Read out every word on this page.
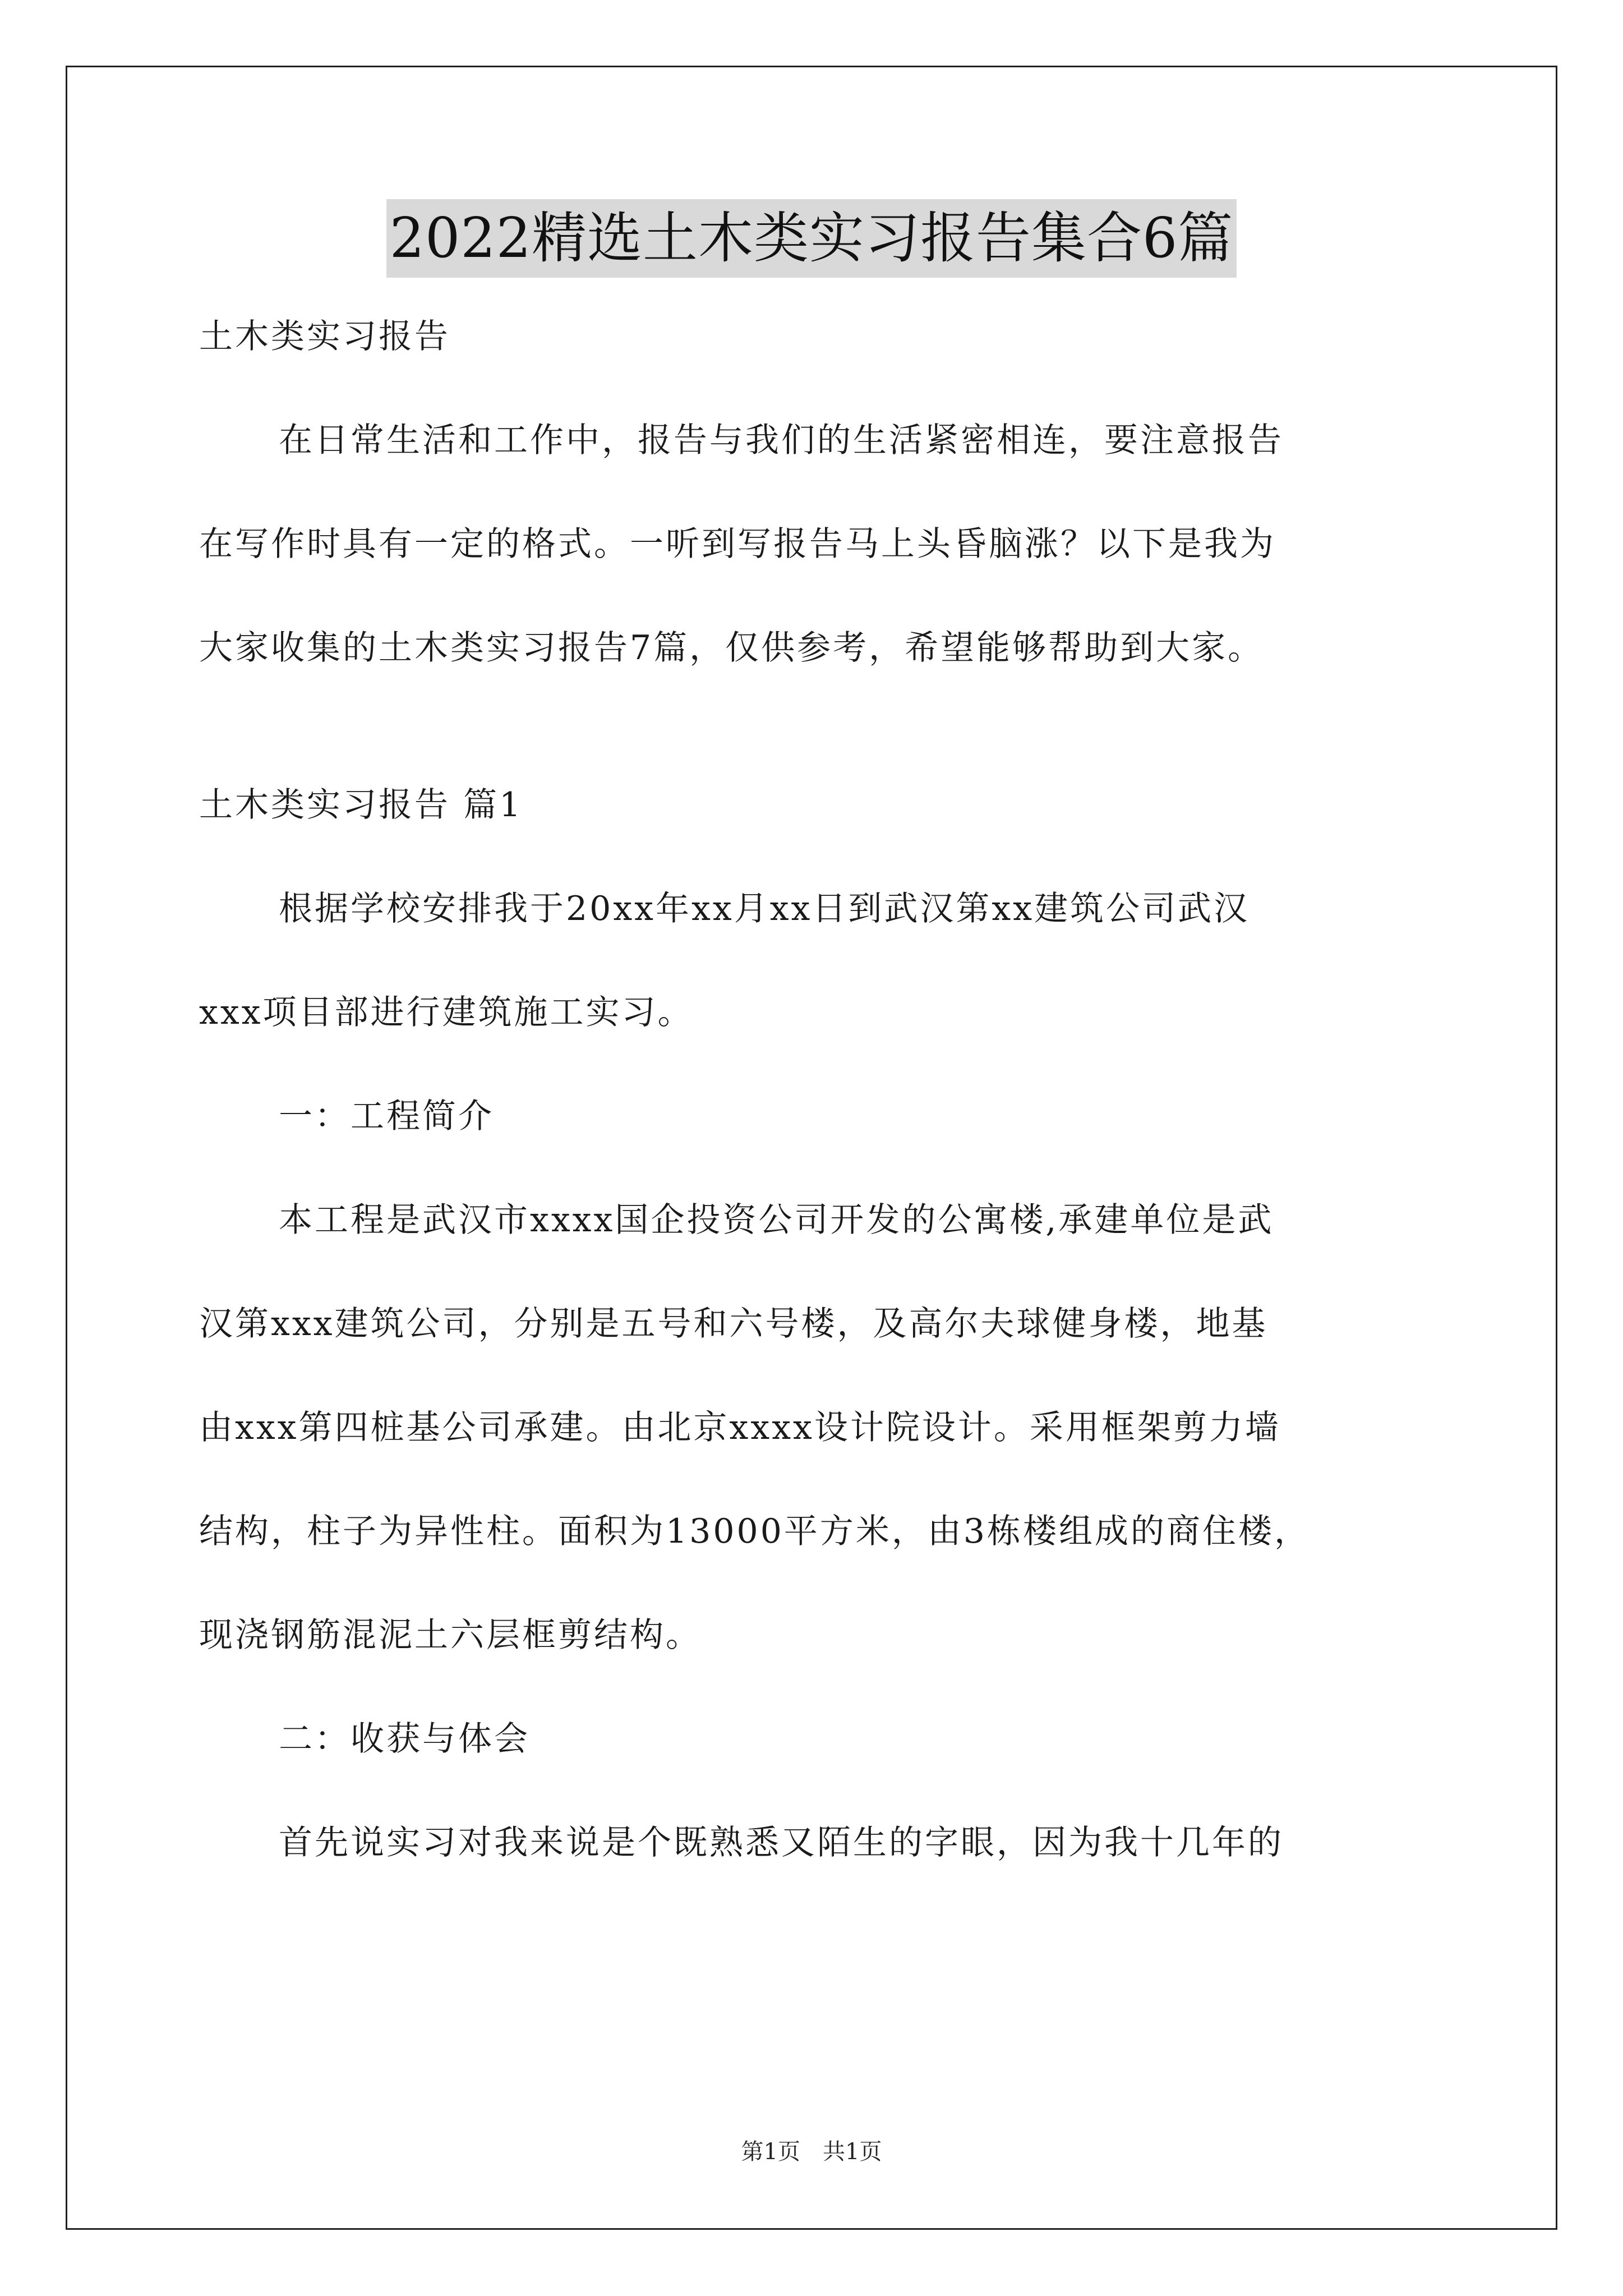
2022精选土木类实习报告集合6篇

土木类实习报告

在日常生活和工作中，报告与我们的生活紧密相连，要注意报告

在写作时具有一定的格式。一听到写报告马上头昏脑涨？以下是我为

大家收集的土木类实习报告7篇，仅供参考，希望能够帮助到大家。

土木类实习报告 篇1

根据学校安排我于20xx年xx月xx日到武汉第xx建筑公司武汉

xxx项目部进行建筑施工实习。

一：工程简介

本工程是武汉市xxxx国企投资公司开发的公寓楼,承建单位是武

汉第xxx建筑公司，分别是五号和六号楼，及高尔夫球健身楼，地基

由xxx第四桩基公司承建。由北京xxxx设计院设计。采用框架剪力墙

结构，柱子为异性柱。面积为13000平方米，由3栋楼组成的商住楼，

现浇钢筋混泥土六层框剪结构。

二：收获与体会

首先说实习对我来说是个既熟悉又陌生的字眼，因为我十几年的

第1页　共1页
